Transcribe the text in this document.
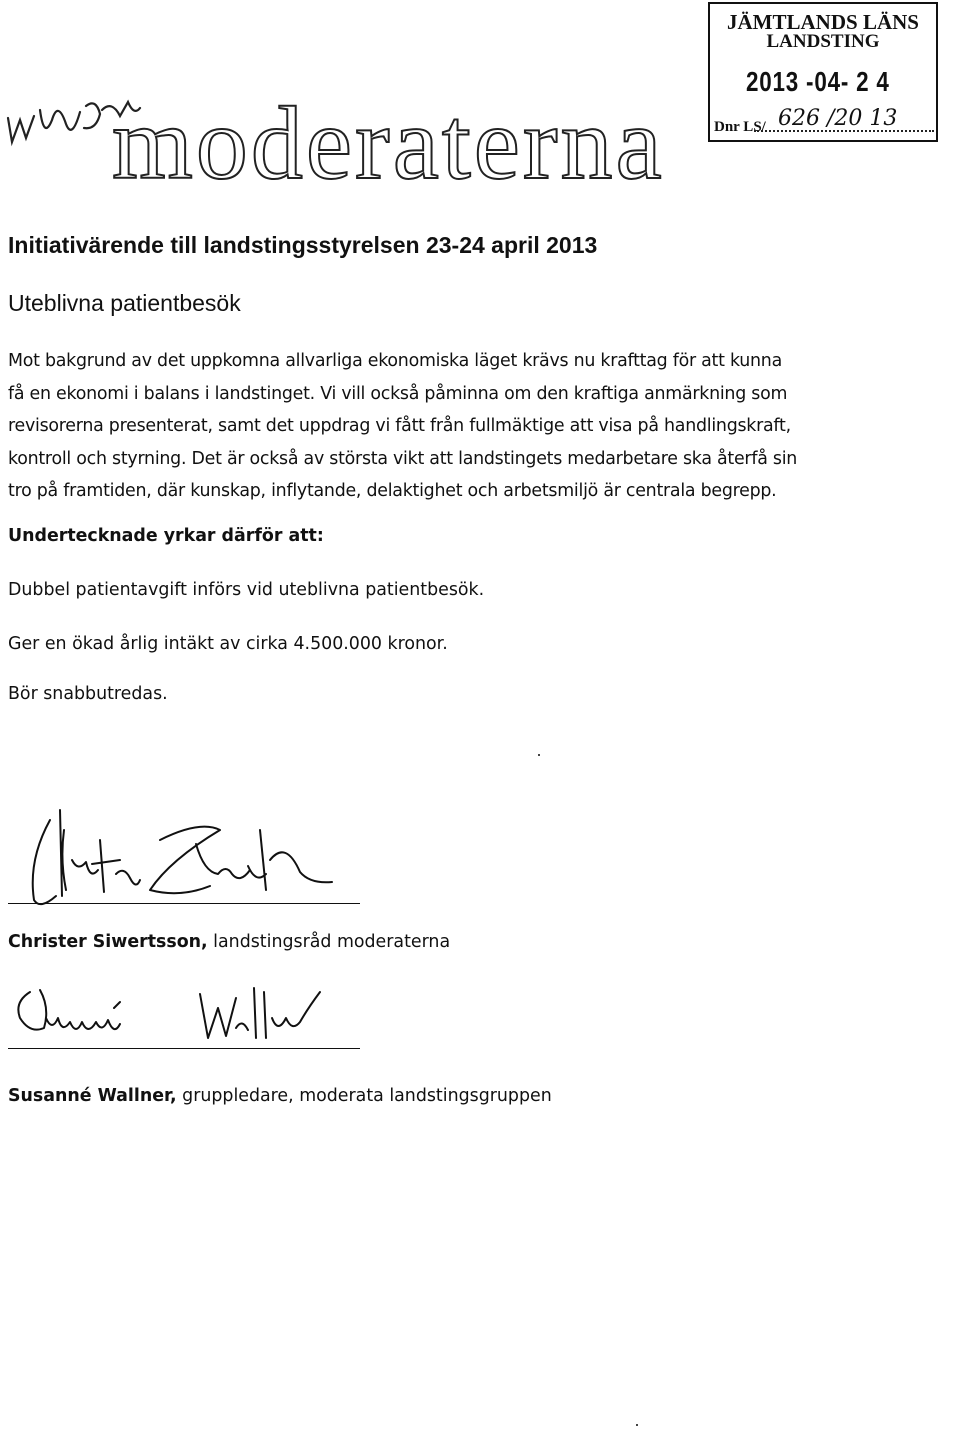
moderaterna
JÄMTLANDS LÄNS
LANDSTING
2013 -04- 2 4
Dnr LS/ 626 /20 13
Initiativärende till landstingsstyrelsen 23-24 april 2013
Uteblivna patientbesök
Mot bakgrund av det uppkomna allvarliga ekonomiska läget krävs nu krafttag för att kunna
få en ekonomi i balans i landstinget. Vi vill också påminna om den kraftiga anmärkning som
revisorerna presenterat, samt det uppdrag vi fått från fullmäktige att visa på handlingskraft,
kontroll och styrning. Det är också av största vikt att landstingets medarbetare ska återfå sin
tro på framtiden, där kunskap, inflytande, delaktighet och arbetsmiljö är centrala begrepp.
Undertecknade yrkar därför att:
Dubbel patientavgift införs vid uteblivna patientbesök.
Ger en ökad årlig intäkt av cirka 4.500.000 kronor.
Bör snabbutredas.
Christer Siwertsson, landstingsråd moderaterna
Susanné Wallner, gruppledare, moderata landstingsgruppen
